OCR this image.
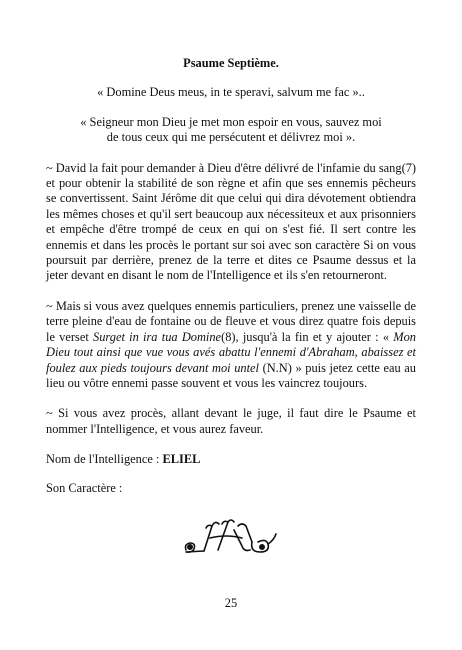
Psaume Septième.

« Domine Deus meus, in te speravi, salvum me fac »..

« Seigneur mon Dieu je met mon espoir en vous, sauvez moi

de tous ceux qui me persécutent et délivrez moi ».

~ David la fait pour demander à Dieu d'être délivré de l'infamie du sang(7) et pour obtenir la stabilité de son règne et afin que ses ennemis pêcheurs se convertissent. Saint Jérôme dit que celui qui dira dévotement obtiendra les mêmes choses et qu'il sert beaucoup aux nécessiteux et aux prisonniers et empêche d'être trompé de ceux en qui on s'est fié. Il sert contre les ennemis et dans les procès le portant sur soi avec son caractère Si on vous poursuit par derrière, prenez de la terre et dites ce Psaume dessus et la jeter devant en disant le nom de l'Intelligence et ils s'en retourneront.

~ Mais si vous avez quelques ennemis particuliers, prenez une vaisselle de terre pleine d'eau de fontaine ou de fleuve et vous direz quatre fois depuis le verset Surget in ira tua Domine(8), jusqu'à la fin et y ajouter : « Mon Dieu tout ainsi que vue vous avés abattu l'ennemi d'Abraham, abaissez et foulez aux pieds toujours devant moi untel (N.N) » puis jetez cette eau au lieu ou vôtre ennemi passe souvent et vous les vaincrez toujours.

~ Si vous avez procès, allant devant le juge, il faut dire le Psaume et nommer l'Intelligence, et vous aurez faveur.

Nom de l'Intelligence : ELIEL

Son Caractère :

25
